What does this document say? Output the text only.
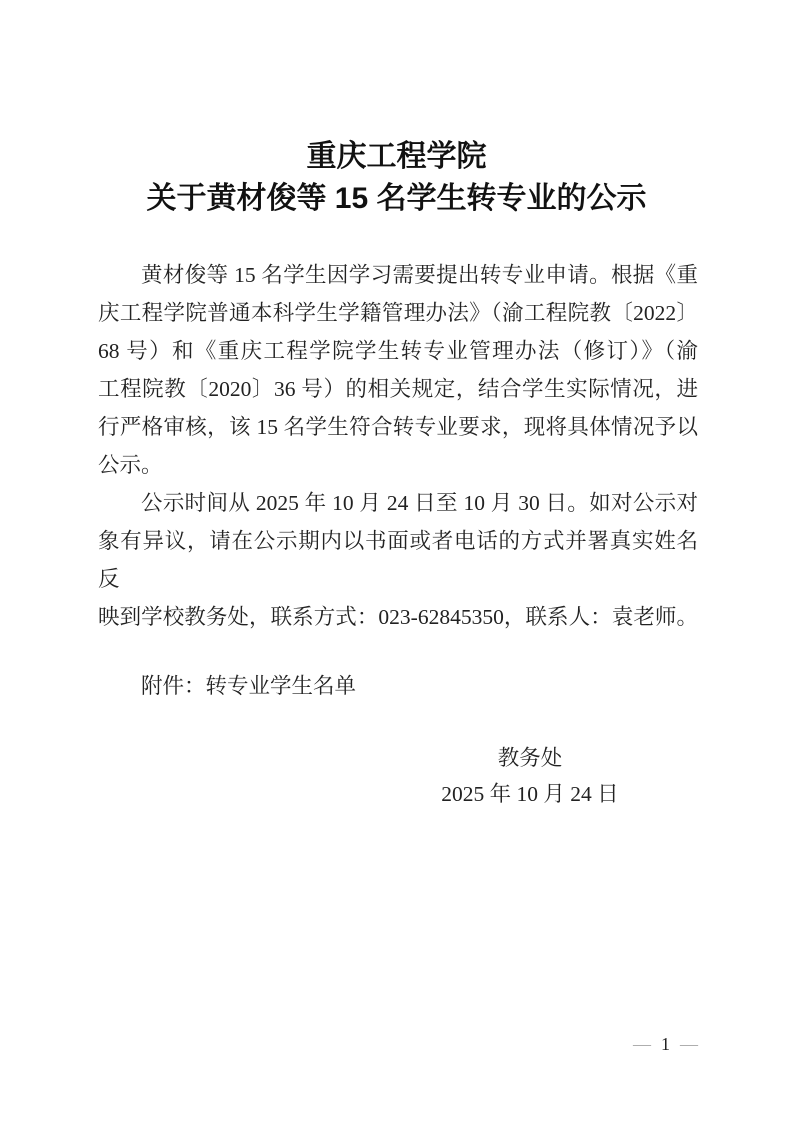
重庆工程学院
关于黄材俊等 15 名学生转专业的公示
黄材俊等 15 名学生因学习需要提出转专业申请。根据《重
庆工程学院普通本科学生学籍管理办法》（渝工程院教〔2022〕
68 号）和《重庆工程学院学生转专业管理办法（修订）》（渝
工程院教〔2020〕36 号）的相关规定，结合学生实际情况，进
行严格审核，该 15 名学生符合转专业要求，现将具体情况予以
公示。
公示时间从 2025 年 10 月 24 日至 10 月 30 日。如对公示对
象有异议，请在公示期内以书面或者电话的方式并署真实姓名反
映到学校教务处，联系方式：023-62845350，联系人：袁老师。
附件：转专业学生名单
教务处
2025 年 10 月 24 日
— 1 —
